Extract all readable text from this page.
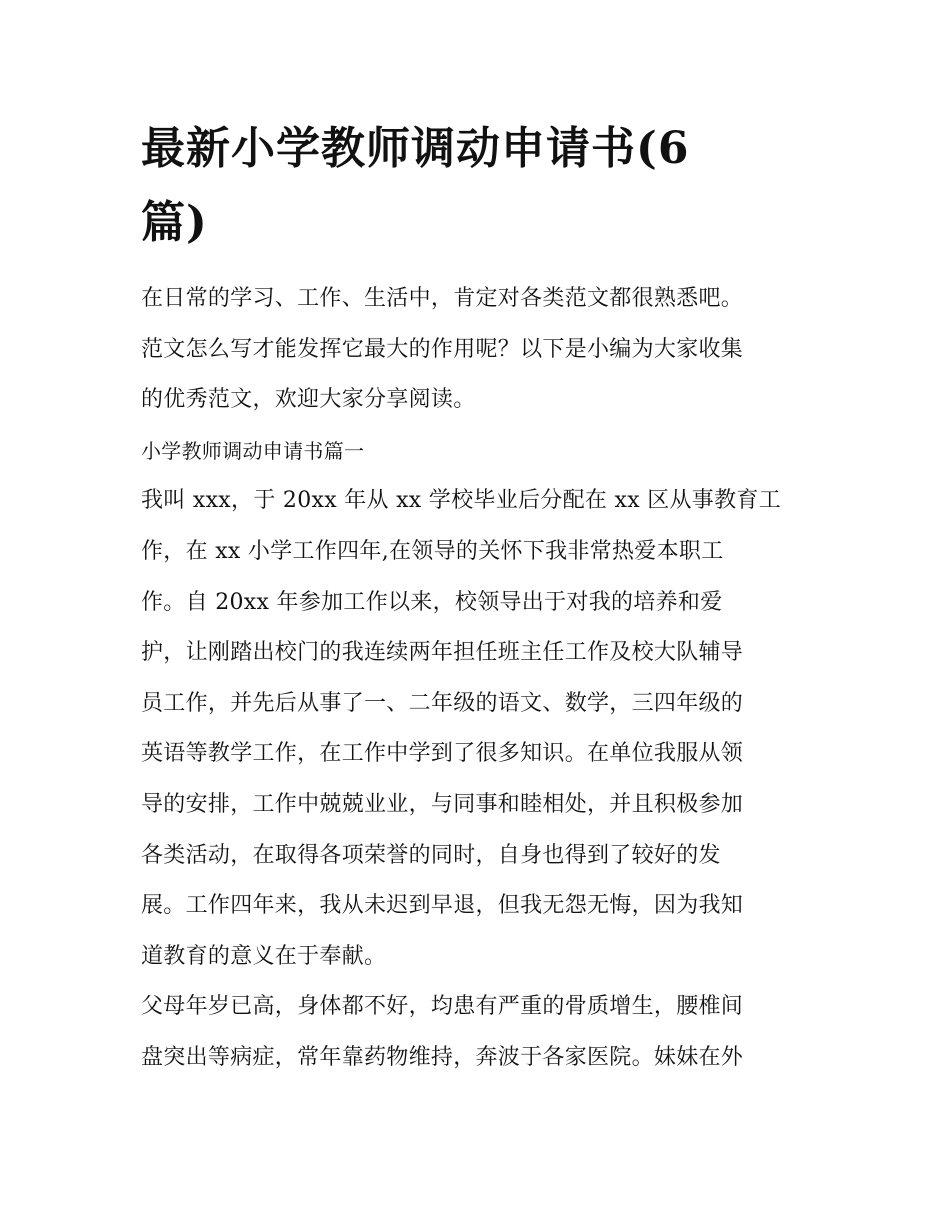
最新小学教师调动申请书(6
篇)
在日常的学习、工作、生活中，肯定对各类范文都很熟悉吧。
范文怎么写才能发挥它最大的作用呢？以下是小编为大家收集
的优秀范文，欢迎大家分享阅读。
小学教师调动申请书篇一
我叫 xxx，于 20xx 年从 xx 学校毕业后分配在 xx 区从事教育工
作，在 xx 小学工作四年,在领导的关怀下我非常热爱本职工
作。自 20xx 年参加工作以来，校领导出于对我的培养和爱
护，让刚踏出校门的我连续两年担任班主任工作及校大队辅导
员工作，并先后从事了一、二年级的语文、数学，三四年级的
英语等教学工作，在工作中学到了很多知识。在单位我服从领
导的安排，工作中兢兢业业，与同事和睦相处，并且积极参加
各类活动，在取得各项荣誉的同时，自身也得到了较好的发
展。工作四年来，我从未迟到早退，但我无怨无悔，因为我知
道教育的意义在于奉献。
父母年岁已高，身体都不好，均患有严重的骨质增生，腰椎间
盘突出等病症，常年靠药物维持，奔波于各家医院。妹妹在外
